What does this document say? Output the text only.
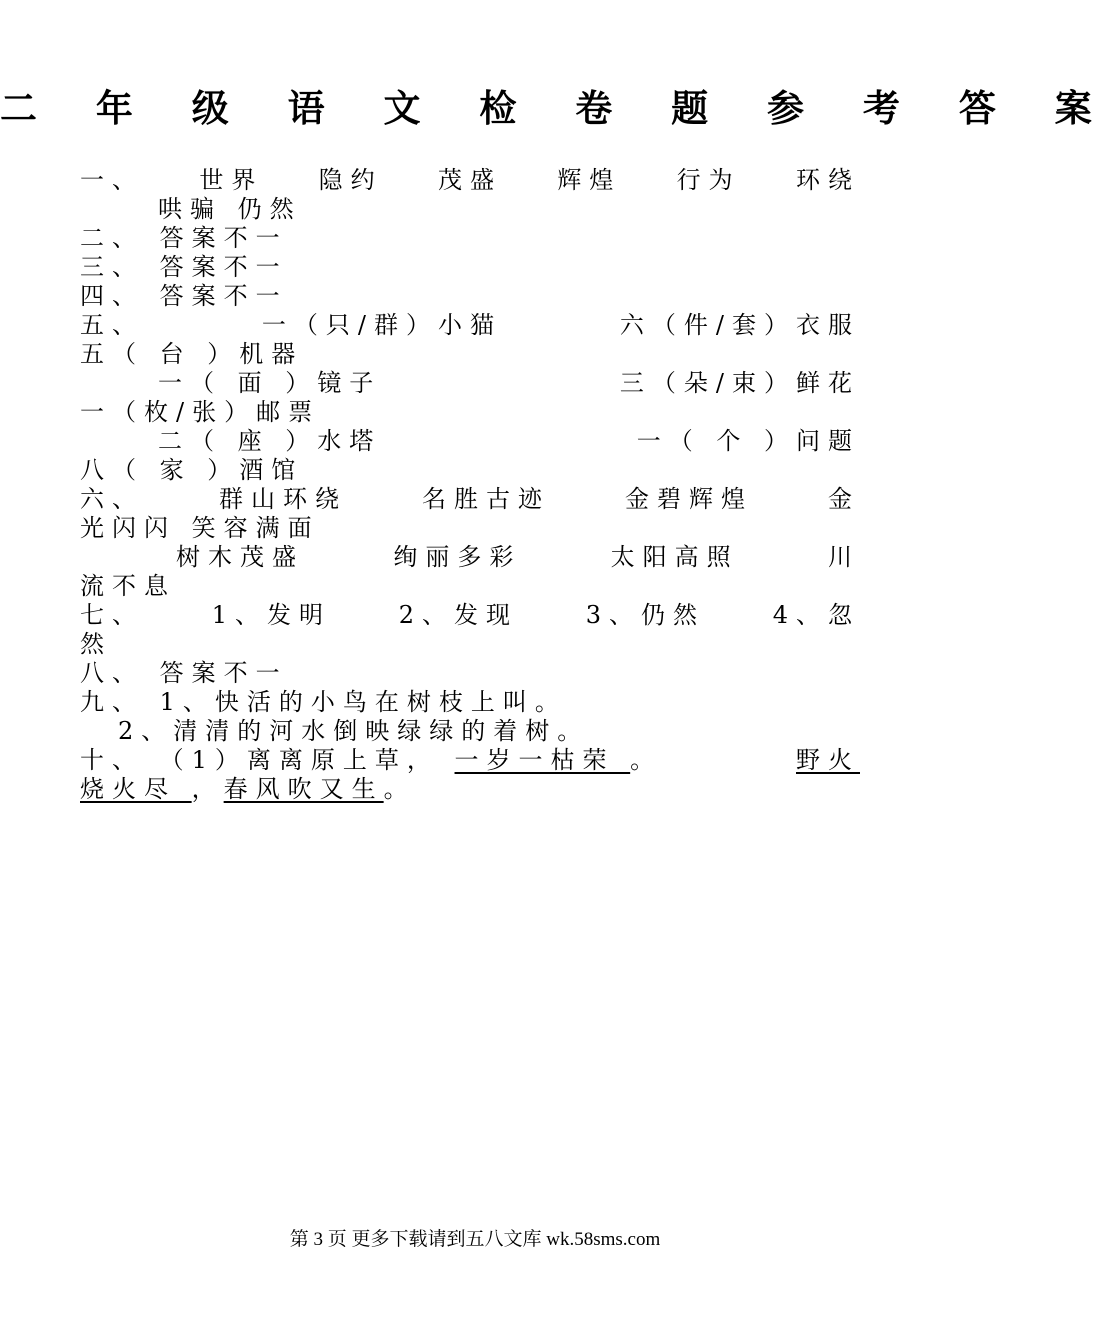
二 年 级 语 文 检 卷 题 参 考 答 案
一、 世界 隐约 茂盛 辉煌 行为 环绕
哄骗 仍然
二、 答案不一
三、 答案不一
四、 答案不一
五、	一（只/群）小猫	六（件/套）衣服
五（ 台 ）机器
一（ 面 ）镜子	三（朵/束）鲜花
一（枚/张）邮票
二（ 座 ）水塔	一（ 个 ）问题
八（ 家 ）酒馆
六、	群山环绕	名胜古迹	金碧辉煌	金
光闪闪 笑容满面
树木茂盛	绚丽多彩	太阳高照	川
流不息
七、	1、发明	2、发现	3、仍然	4、忽
然
八、 答案不一
九、 1、快活的小鸟在树枝上叫。
2、清清的河水倒映绿绿的着树。
十、 （1）离离原上草， 一岁一枯荣 。	野火
烧火尽 ，春风吹又生。
第 3 页 更多下载请到五八文库 wk.58sms.com
